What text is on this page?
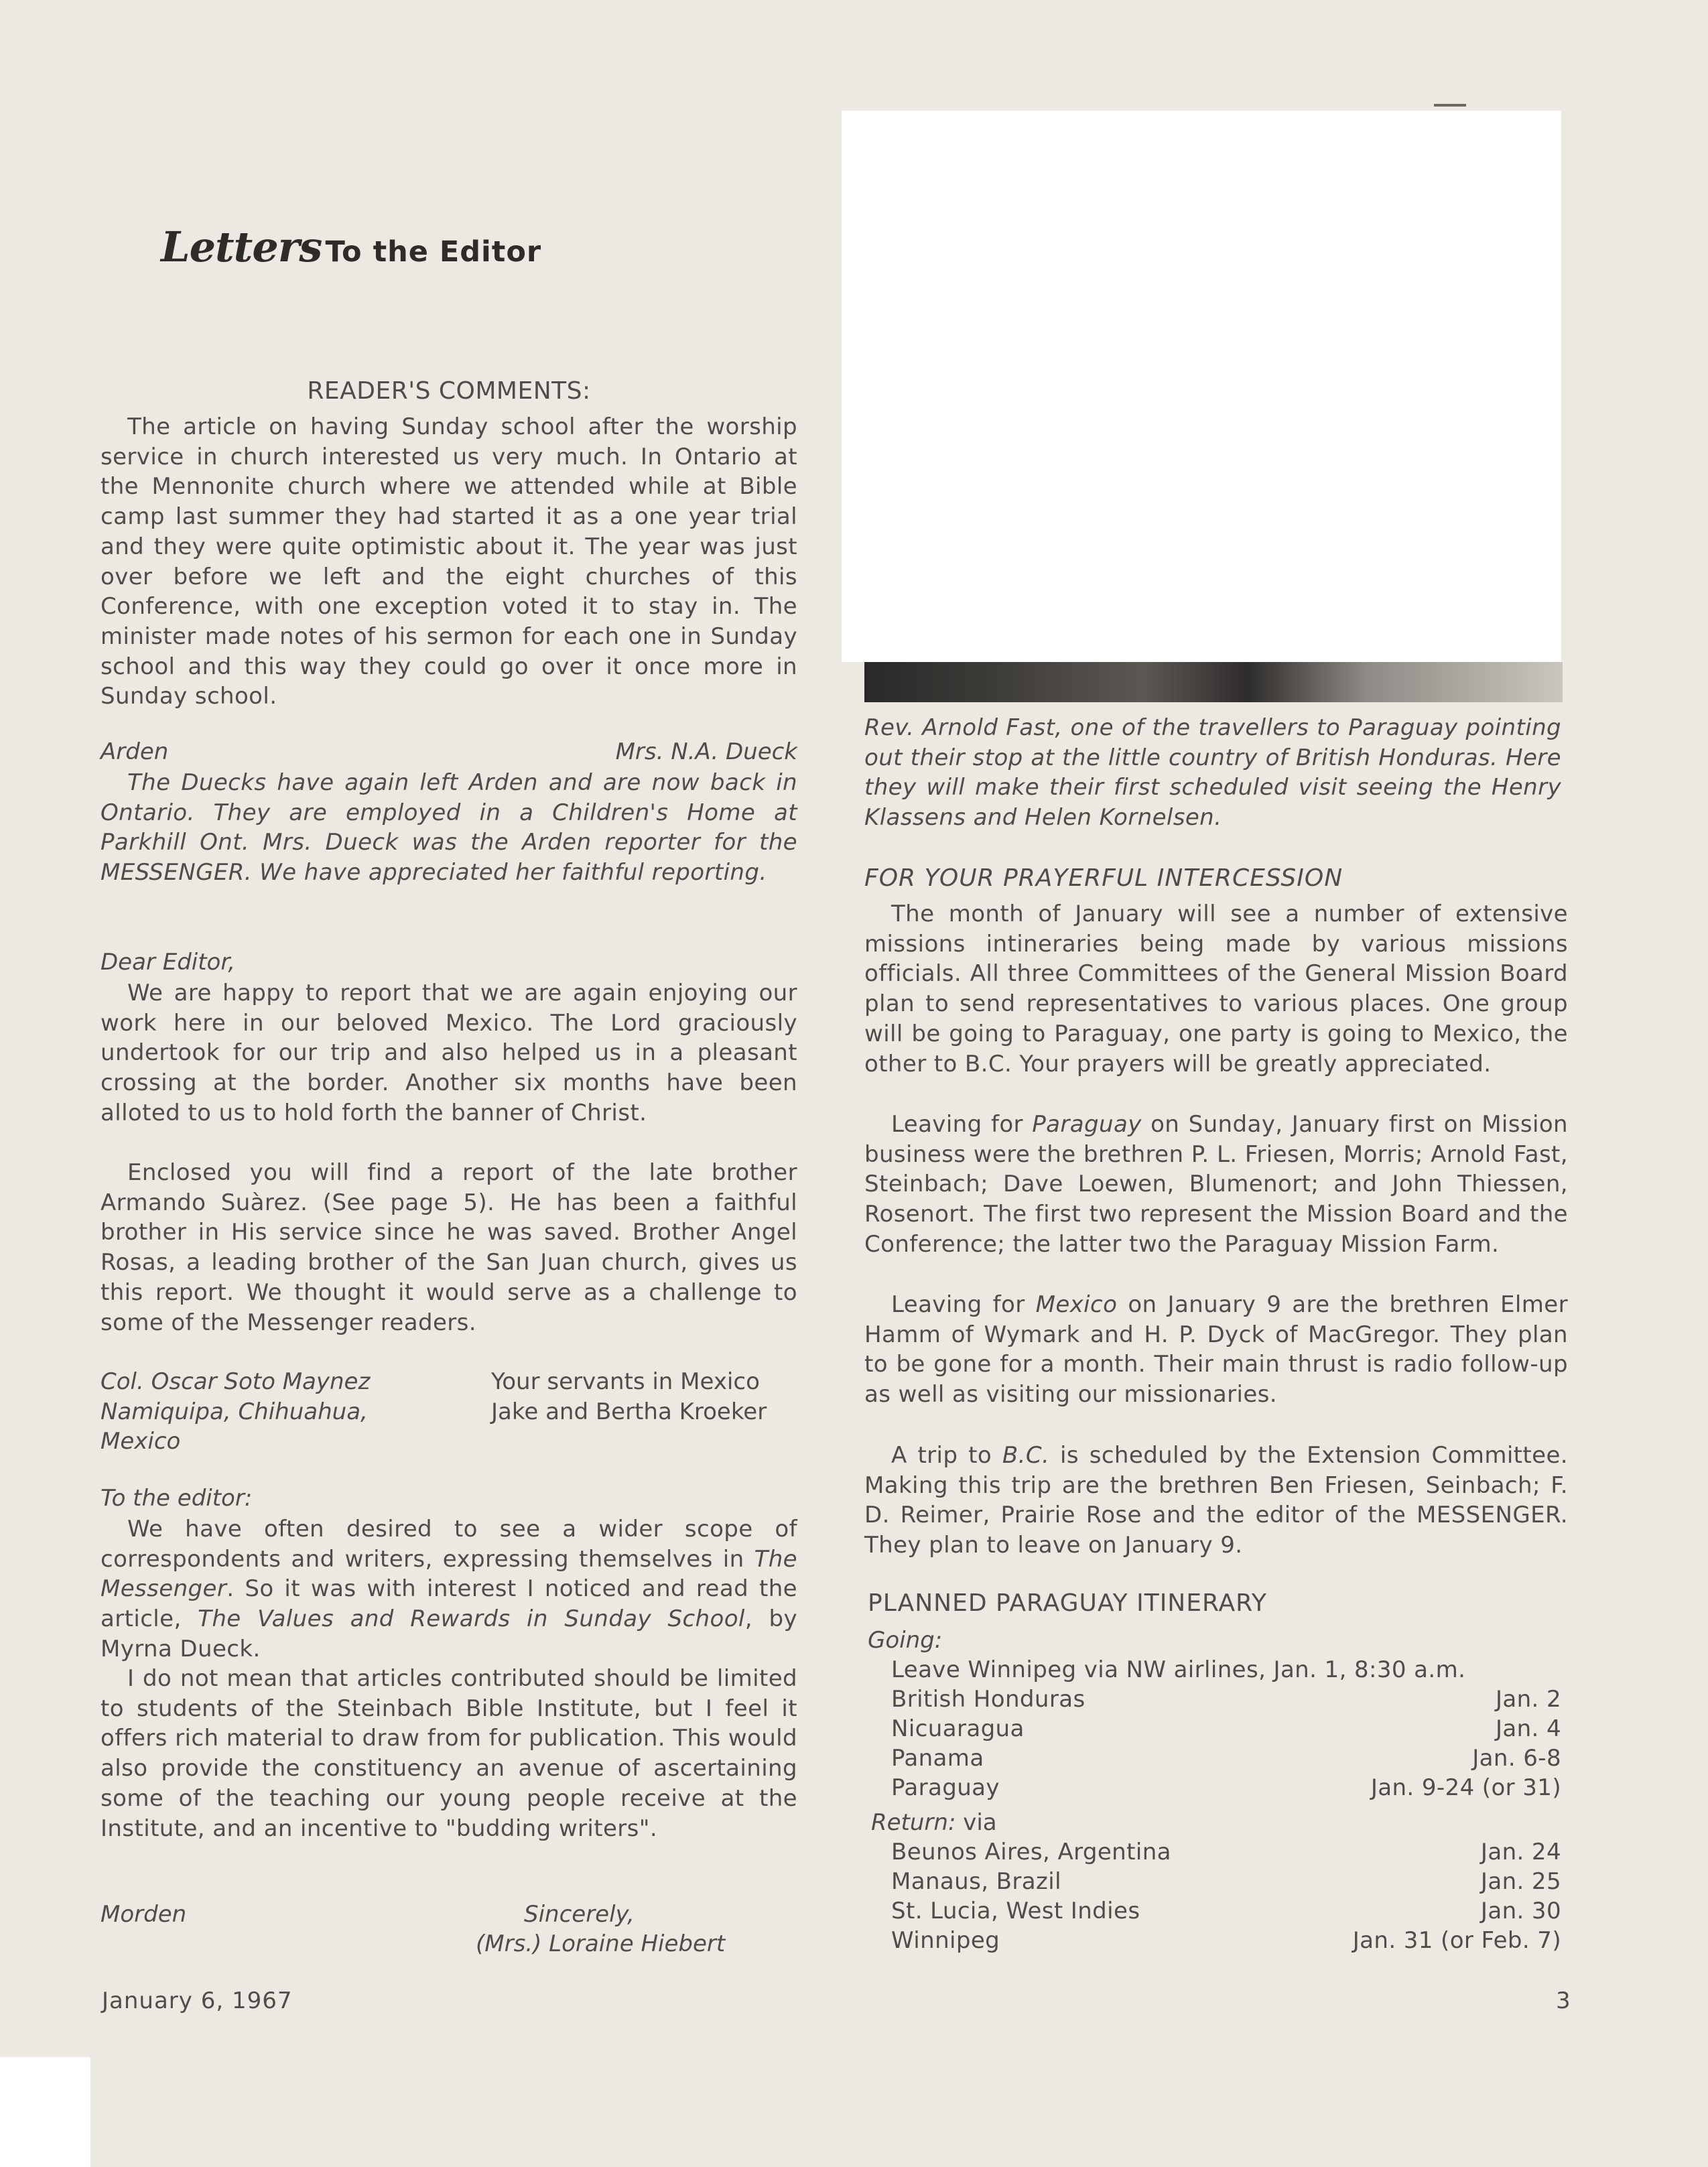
Letters To the Editor
READER'S COMMENTS:

The article on having Sunday school after the worship service in church interested us very much. In Ontario at the Mennonite church where we attended while at Bible camp last summer they had started it as a one year trial and they were quite optimistic about it. The year was just over before we left and the eight churches of this Conference, with one exception voted it to stay in. The minister made notes of his sermon for each one in Sunday school and this way they could go over it once more in Sunday school.

Arden	Mrs. N.A. Dueck

The Duecks have again left Arden and are now back in Ontario. They are employed in a Children's Home at Parkhill Ont. Mrs. Dueck was the Arden reporter for the MESSENGER. We have appreciated her faithful reporting.

Dear Editor,

We are happy to report that we are again enjoying our work here in our beloved Mexico. The Lord graciously undertook for our trip and also helped us in a pleasant crossing at the border. Another six months have been alloted to us to hold forth the banner of Christ.

Enclosed you will find a report of the late brother Armando Suàrez. (See page 5). He has been a faithful brother in His service since he was saved. Brother Angel Rosas, a leading brother of the San Juan church, gives us this report. We thought it would serve as a challenge to some of the Messenger readers.

Col. Oscar Soto Maynez
Namiquipa, Chihuahua,
Mexico
Your servants in Mexico
Jake and Bertha Kroeker
To the editor:

We have often desired to see a wider scope of correspondents and writers, expressing themselves in The Messenger. So it was with interest I noticed and read the article, The Values and Rewards in Sunday School, by Myrna Dueck.

I do not mean that articles contributed should be limited to students of the Steinbach Bible Institute, but I feel it offers rich material to draw from for publication. This would also provide the constituency an avenue of ascertaining some of the teaching our young people receive at the Institute, and an incentive to "budding writers".

Morden	Sincerely,
(Mrs.) Loraine Hiebert

Rev. Arnold Fast, one of the travellers to Paraguay pointing out their stop at the little country of British Honduras. Here they will make their first scheduled visit seeing the Henry Klassens and Helen Kornelsen.

FOR YOUR PRAYERFUL INTERCESSION

The month of January will see a number of extensive missions intineraries being made by various missions officials. All three Committees of the General Mission Board plan to send representatives to various places. One group will be going to Paraguay, one party is going to Mexico, the other to B.C. Your prayers will be greatly appreciated.

Leaving for Paraguay on Sunday, January first on Mission business were the brethren P. L. Friesen, Morris; Arnold Fast, Steinbach; Dave Loewen, Blumenort; and John Thiessen, Rosenort. The first two represent the Mission Board and the Conference; the latter two the Paraguay Mission Farm.

Leaving for Mexico on January 9 are the brethren Elmer Hamm of Wymark and H. P. Dyck of MacGregor. They plan to be gone for a month. Their main thrust is radio follow-up as well as visiting our missionaries.

A trip to B.C. is scheduled by the Extension Committee. Making this trip are the brethren Ben Friesen, Seinbach; F. D. Reimer, Prairie Rose and the editor of the MESSENGER. They plan to leave on January 9.

PLANNED PARAGUAY ITINERARY
Going:
Leave Winnipeg via NW airlines, Jan. 1, 8:30 a.m.
British Honduras	Jan. 2
Nicuaragua	Jan. 4
Panama	Jan. 6-8
Paraguay	Jan. 9-24 (or 31)
Return: via
Beunos Aires, Argentina	Jan. 24
Manaus, Brazil	Jan. 25
St. Lucia, West Indies	Jan. 30
Winnipeg	Jan. 31 (or Feb. 7)
January 6, 1967	3
